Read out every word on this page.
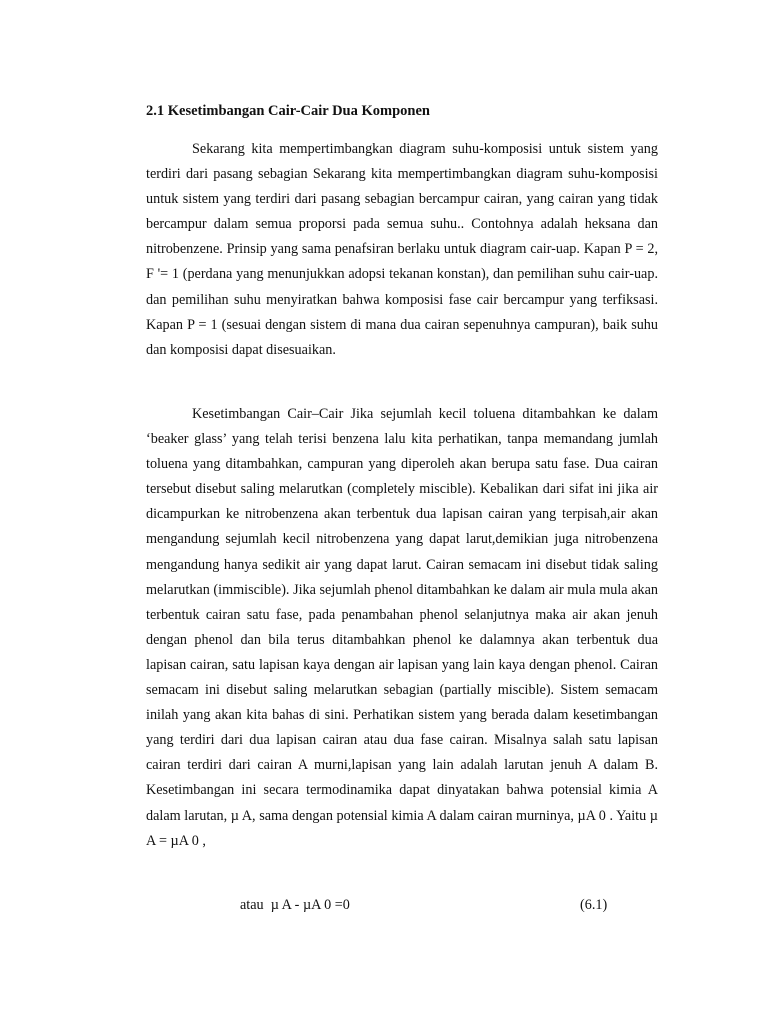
2.1 Kesetimbangan Cair-Cair Dua Komponen

Sekarang kita mempertimbangkan diagram suhu-komposisi untuk sistem yang terdiri dari pasang sebagian Sekarang kita mempertimbangkan diagram suhu-komposisi untuk sistem yang terdiri dari pasang sebagian bercampur cairan, yang cairan yang tidak bercampur dalam semua proporsi pada semua suhu.. Contohnya adalah heksana dan nitrobenzene. Prinsip yang sama penafsiran berlaku untuk diagram cair-uap. Kapan P = 2, F '= 1 (perdana yang menunjukkan adopsi tekanan konstan), dan pemilihan suhu cair-uap. dan pemilihan suhu menyiratkan bahwa komposisi fase cair bercampur yang terfiksasi. Kapan P = 1 (sesuai dengan sistem di mana dua cairan sepenuhnya campuran), baik suhu dan komposisi dapat disesuaikan.

Kesetimbangan Cair–Cair Jika sejumlah kecil toluena ditambahkan ke dalam ‘beaker glass’ yang telah terisi benzena lalu kita perhatikan, tanpa memandang jumlah toluena yang ditambahkan, campuran yang diperoleh akan berupa satu fase. Dua cairan tersebut disebut saling melarutkan (completely miscible). Kebalikan dari sifat ini jika air dicampurkan ke nitrobenzena akan terbentuk dua lapisan cairan yang terpisah,air akan mengandung sejumlah kecil nitrobenzena yang dapat larut,demikian juga nitrobenzena mengandung hanya sedikit air yang dapat larut. Cairan semacam ini disebut tidak saling melarutkan (immiscible). Jika sejumlah phenol ditambahkan ke dalam air mula mula akan terbentuk cairan satu fase, pada penambahan phenol selanjutnya maka air akan jenuh dengan phenol dan bila terus ditambahkan phenol ke dalamnya akan terbentuk dua lapisan cairan, satu lapisan kaya dengan air lapisan yang lain kaya dengan phenol. Cairan semacam ini disebut saling melarutkan sebagian (partially miscible). Sistem semacam inilah yang akan kita bahas di sini. Perhatikan sistem yang berada dalam kesetimbangan yang terdiri dari dua lapisan cairan atau dua fase cairan. Misalnya salah satu lapisan cairan terdiri dari cairan A murni,lapisan yang lain adalah larutan jenuh A dalam B. Kesetimbangan ini secara termodinamika dapat dinyatakan bahwa potensial kimia A dalam larutan, µ A, sama dengan potensial kimia A dalam cairan murninya, µA 0 . Yaitu µ A = µA 0 ,

atau  µ A - µA 0 =0	(6.1)
